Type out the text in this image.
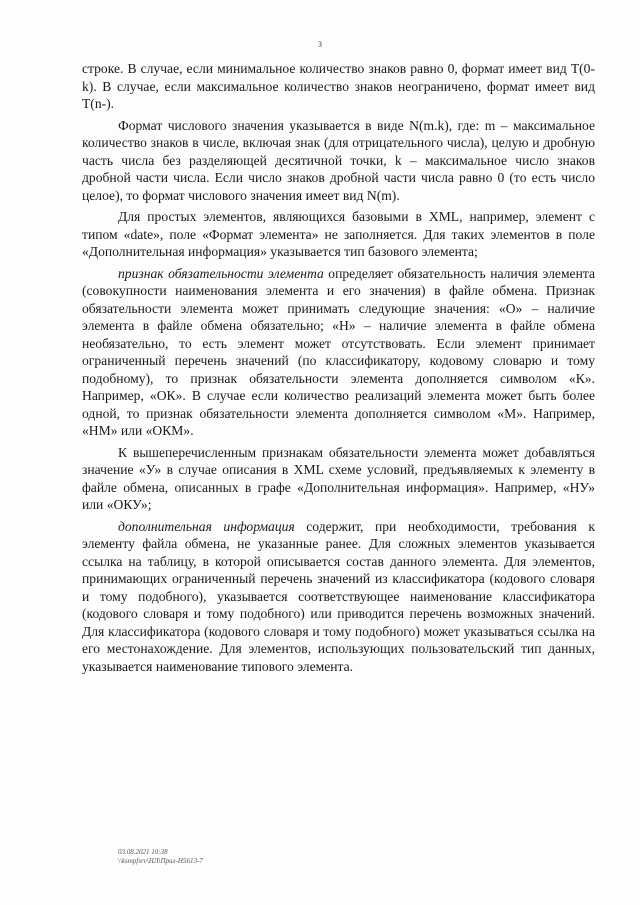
3

строке. В случае, если минимальное количество знаков равно 0, формат имеет вид T(0-k). В случае, если максимальное количество знаков неограничено, формат имеет вид T(n-).

Формат числового значения указывается в виде N(m.k), где: m – максимальное количество знаков в числе, включая знак (для отрицательного числа), целую и дробную часть числа без разделяющей десятичной точки, k – максимальное число знаков дробной части числа. Если число знаков дробной части числа равно 0 (то есть число целое), то формат числового значения имеет вид N(m).

Для простых элементов, являющихся базовыми в XML, например, элемент с типом «date», поле «Формат элемента» не заполняется. Для таких элементов в поле «Дополнительная информация» указывается тип базового элемента;

признак обязательности элемента определяет обязательность наличия элемента (совокупности наименования элемента и его значения) в файле обмена. Признак обязательности элемента может принимать следующие значения: «О» – наличие элемента в файле обмена обязательно; «Н» – наличие элемента в файле обмена необязательно, то есть элемент может отсутствовать. Если элемент принимает ограниченный перечень значений (по классификатору, кодовому словарю и тому подобному), то признак обязательности элемента дополняется символом «К». Например, «ОК». В случае если количество реализаций элемента может быть более одной, то признак обязательности элемента дополняется символом «М». Например, «НМ» или «ОКМ».

К вышеперечисленным признакам обязательности элемента может добавляться значение «У» в случае описания в XML схеме условий, предъявляемых к элементу в файле обмена, описанных в графе «Дополнительная информация». Например, «НУ» или «ОКУ»;

дополнительная информация содержит, при необходимости, требования к элементу файла обмена, не указанные ранее. Для сложных элементов указывается ссылка на таблицу, в которой описывается состав данного элемента. Для элементов, принимающих ограниченный перечень значений из классификатора (кодового словаря и тому подобного), указывается соответствующее наименование классификатора (кодового словаря и тому подобного) или приводится перечень возможных значений. Для классификатора (кодового словаря и тому подобного) может указываться ссылка на его местонахождение. Для элементов, использующих пользовательский тип данных, указывается наименование типового элемента.

03.08.2021 10:38
\\ksmpfsrv\НЛ\Прил-Н5613-7
